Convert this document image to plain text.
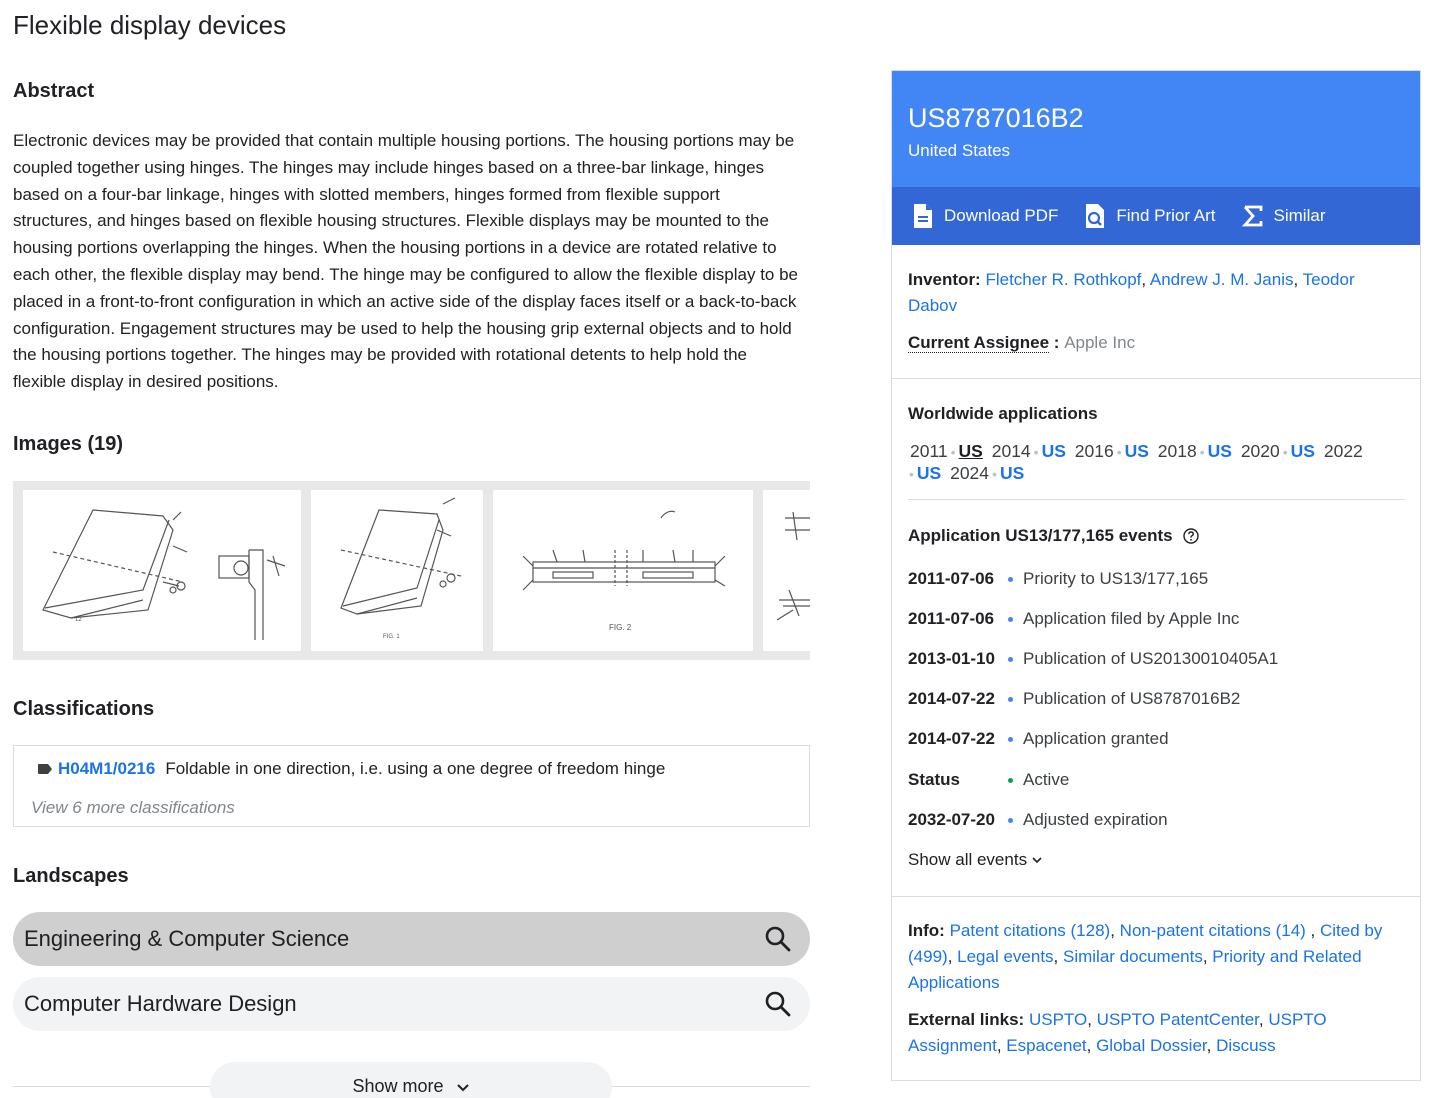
Flexible display devices
Abstract
Electronic devices may be provided that contain multiple housing portions. The housing portions may be coupled together using hinges. The hinges may include hinges based on a three-bar linkage, hinges based on a four-bar linkage, hinges with slotted members, hinges formed from flexible support structures, and hinges based on flexible housing structures. Flexible displays may be mounted to the housing portions overlapping the hinges. When the housing portions in a device are rotated relative to each other, the flexible display may bend. The hinge may be configured to allow the flexible display to be placed in a front-to-front configuration in which an active side of the display faces itself or a back-to-back configuration. Engagement structures may be used to help the housing grip external objects and to hold the housing portions together. The hinges may be provided with rotational detents to help hold the flexible display in desired positions.
Images (19)
12
FIG. 1
FIG. 2
Classifications
H04M1/0216 Foldable in one direction, i.e. using a one degree of freedom hinge
View 6 more classifications
Landscapes
Engineering & Computer Science
Computer Hardware Design
Show more
US8787016B2
United States
Download PDF	Find Prior Art	Similar
Inventor: Fletcher R. Rothkopf, Andrew J. M. Janis, Teodor Dabov
Current Assignee : Apple Inc
Worldwide applications
2011 • US 2014 • US 2016 • US 2018 • US 2020 • US 2022
• US 2024 • US
Application US13/177,165 events
2011-07-06	Priority to US13/177,165
2011-07-06	Application filed by Apple Inc
2013-01-10	Publication of US20130010405A1
2014-07-22	Publication of US8787016B2
2014-07-22	Application granted
Status	Active
2032-07-20	Adjusted expiration
Show all events
Info: Patent citations (128), Non-patent citations (14) , Cited by (499), Legal events, Similar documents, Priority and Related Applications
External links: USPTO, USPTO PatentCenter, USPTO Assignment, Espacenet, Global Dossier, Discuss
